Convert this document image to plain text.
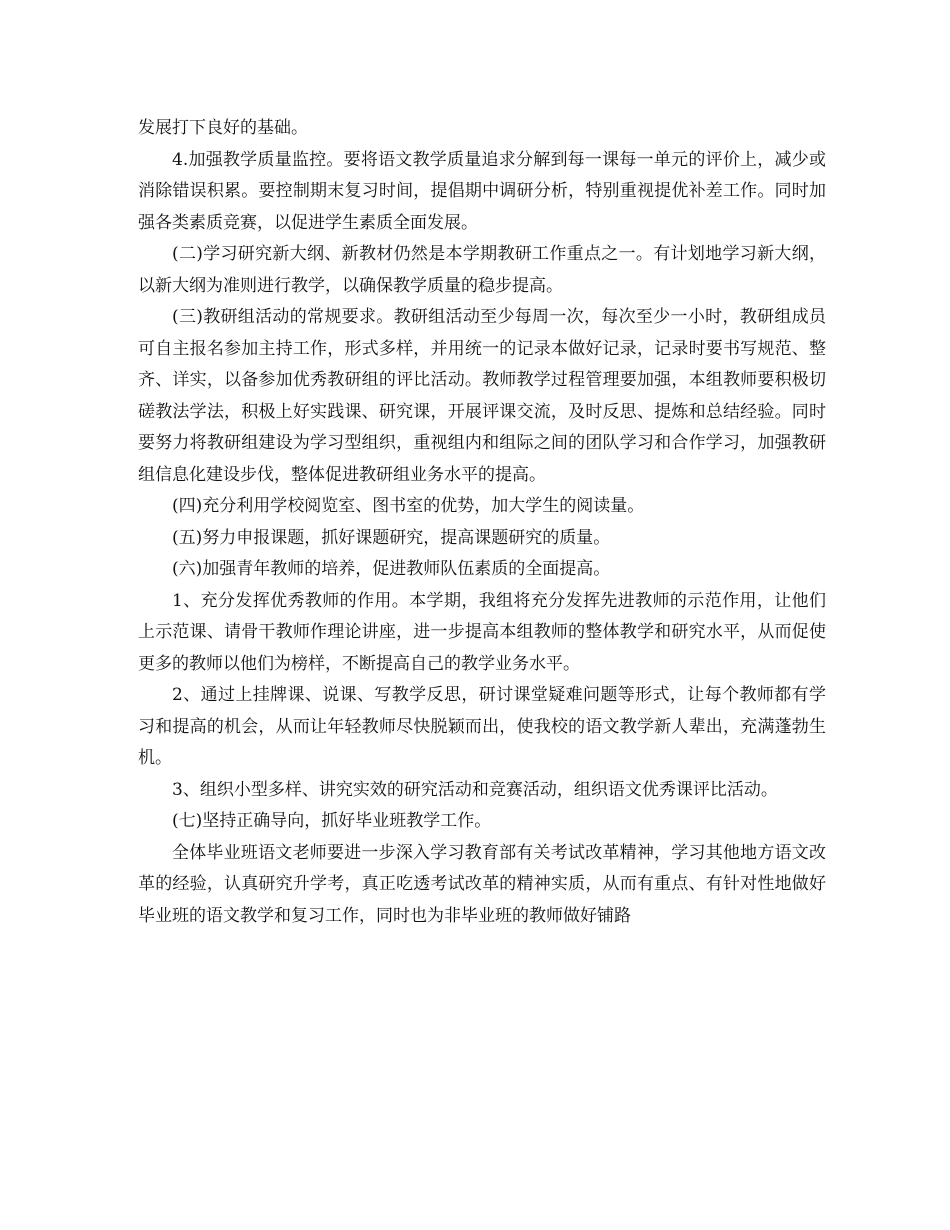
发展打下良好的基础。

4.加强教学质量监控。要将语文教学质量追求分解到每一课每一单元的评价上，减少或消除错误积累。要控制期末复习时间，提倡期中调研分析，特别重视提优补差工作。同时加强各类素质竞赛，以促进学生素质全面发展。

(二)学习研究新大纲、新教材仍然是本学期教研工作重点之一。有计划地学习新大纲，以新大纲为准则进行教学，以确保教学质量的稳步提高。

(三)教研组活动的常规要求。教研组活动至少每周一次，每次至少一小时，教研组成员可自主报名参加主持工作，形式多样，并用统一的记录本做好记录，记录时要书写规范、整齐、详实，以备参加优秀教研组的评比活动。教师教学过程管理要加强，本组教师要积极切磋教法学法，积极上好实践课、研究课，开展评课交流，及时反思、提炼和总结经验。同时要努力将教研组建设为学习型组织，重视组内和组际之间的团队学习和合作学习，加强教研组信息化建设步伐，整体促进教研组业务水平的提高。

(四)充分利用学校阅览室、图书室的优势，加大学生的阅读量。

(五)努力申报课题，抓好课题研究，提高课题研究的质量。

(六)加强青年教师的培养，促进教师队伍素质的全面提高。

1、充分发挥优秀教师的作用。本学期，我组将充分发挥先进教师的示范作用，让他们上示范课、请骨干教师作理论讲座，进一步提高本组教师的整体教学和研究水平，从而促使更多的教师以他们为榜样，不断提高自己的教学业务水平。

2、通过上挂牌课、说课、写教学反思，研讨课堂疑难问题等形式，让每个教师都有学习和提高的机会，从而让年轻教师尽快脱颖而出，使我校的语文教学新人辈出，充满蓬勃生机。

3、组织小型多样、讲究实效的研究活动和竞赛活动，组织语文优秀课评比活动。

(七)坚持正确导向，抓好毕业班教学工作。

全体毕业班语文老师要进一步深入学习教育部有关考试改革精神，学习其他地方语文改革的经验，认真研究升学考，真正吃透考试改革的精神实质，从而有重点、有针对性地做好毕业班的语文教学和复习工作，同时也为非毕业班的教师做好铺路
